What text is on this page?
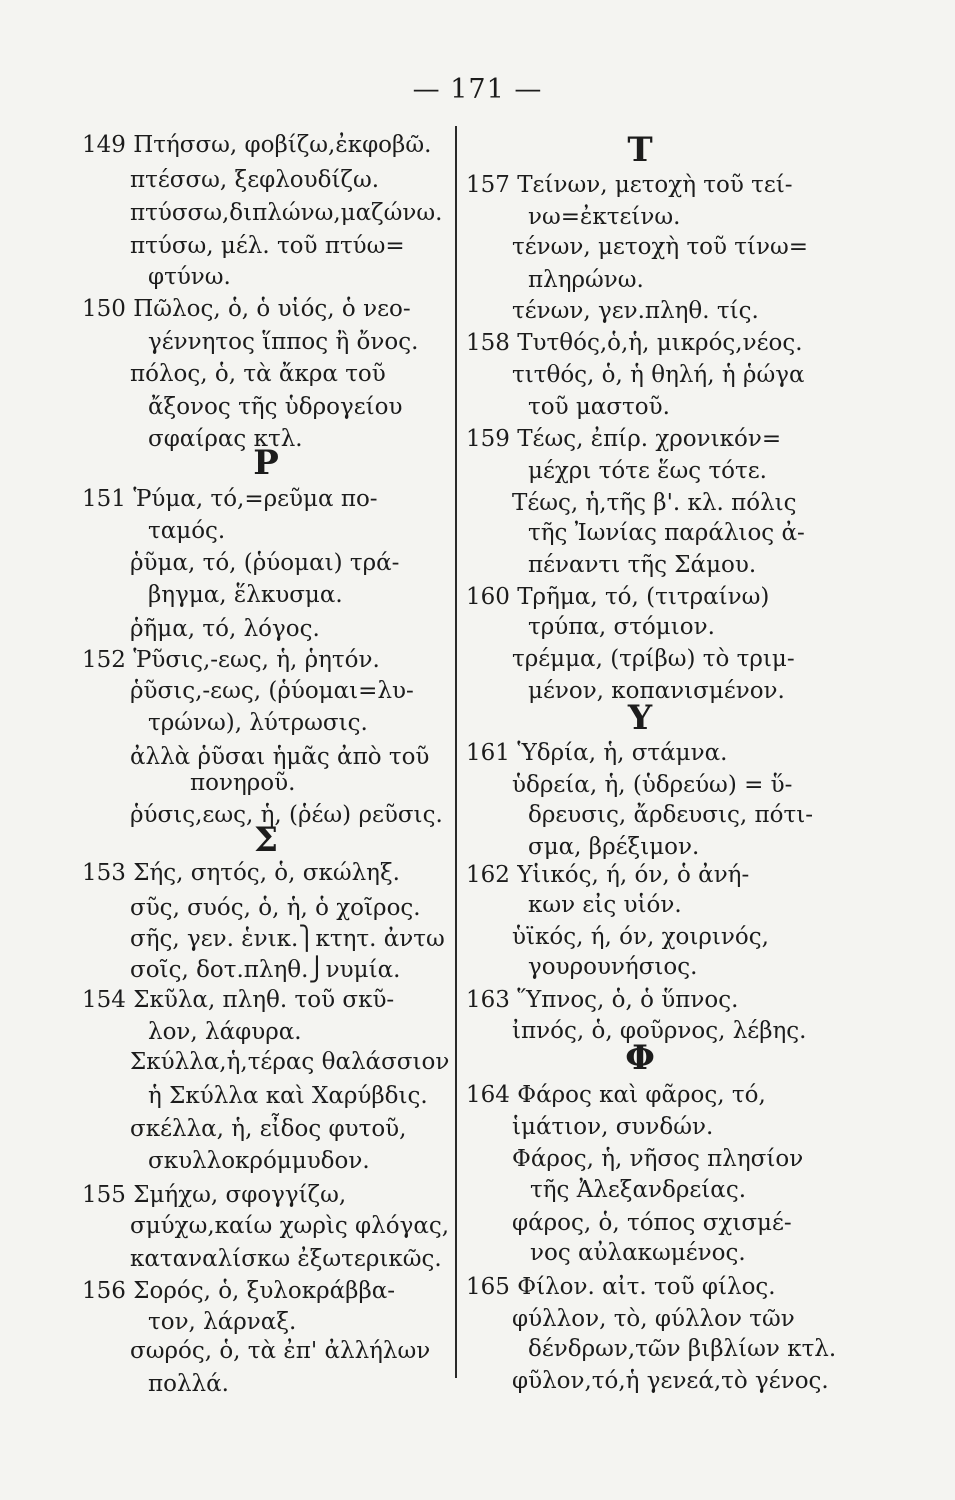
— 171 —
149 Πτήσσω, φοβίζω,ἐκφοβῶ.
πτέσσω, ξεφλουδίζω.
πτύσσω,διπλώνω,μαζώνω.
πτύσω, μέλ. τοῦ πτύω=
φτύνω.
150 Πῶλος, ὁ, ὁ υἱός, ὁ νεο-
γέννητος ἵππος ἢ ὄνος.
πόλος, ὁ, τὰ ἄκρα τοῦ
ἄξονος τῆς ὑδρογείου
σφαίρας κτλ.
151 Ῥύμα, τό,=ρεῦμα πο-
ταμός.
ῥῦμα, τό, (ῥύομαι) τρά-
βηγμα, ἕλκυσμα.
ῥῆμα, τό, λόγος.
152 Ῥῦσις,-εως, ἡ, ῥητόν.
ῥῦσις,-εως, (ῥύομαι=λυ-
τρώνω), λύτρωσις.
ἀλλὰ ῥῦσαι ἡμᾶς ἀπὸ τοῦ
πονηροῦ.
ῥύσις,εως, ἡ, (ῥέω) ρεῦσις.
153 Σής, σητός, ὁ, σκώληξ.
σῦς, συός, ὁ, ἡ, ὁ χοῖρος.
σῆς, γεν. ἑνικ.⎫κτητ. ἀντω
σοῖς, δοτ.πληθ.⎭νυμία.
154 Σκῦλα, πληθ. τοῦ σκῦ-
λον, λάφυρα.
Σκύλλα,ἡ,τέρας θαλάσσιον
ἡ Σκύλλα καὶ Χαρύβδις.
σκέλλα, ἡ, εἶδος φυτοῦ,
σκυλλοκρόμμυδον.
155 Σμήχω, σφογγίζω,
σμύχω,καίω χωρὶς φλόγας,
καταναλίσκω ἐξωτερικῶς.
156 Σορός, ὁ, ξυλοκράββα-
τον, λάρναξ.
σωρός, ὁ, τὰ ἐπ' ἀλλήλων
πολλά.
Ρ
Σ
157 Τείνων, μετοχὴ τοῦ τεί-
νω=ἐκτείνω.
τένων, μετοχὴ τοῦ τίνω=
πληρώνω.
τένων, γεν.πληθ. τίς.
158 Τυτθός,ὁ,ἡ, μικρός,νέος.
τιτθός, ὁ, ἡ θηλή, ἡ ῥώγα
τοῦ μαστοῦ.
159 Τέως, ἐπίρ. χρονικόν=
μέχρι τότε ἕως τότε.
Τέως, ἡ,τῆς β'. κλ. πόλις
τῆς Ἰωνίας παράλιος ἀ-
πέναντι τῆς Σάμου.
160 Τρῆμα, τό, (τιτραίνω)
τρύπα, στόμιον.
τρέμμα, (τρίβω) τὸ τριμ-
μένον, κοπανισμένον.
161 Ὑδρία, ἡ, στάμνα.
ὑδρεία, ἡ, (ὑδρεύω) = ὕ-
δρευσις, ἄρδευσις, πότι-
σμα, βρέξιμον.
162 Υἱικός, ή, όν, ὁ ἀνή-
κων εἰς υἱόν.
ὑϊκός, ή, όν, χοιρινός,
γουρουνήσιος.
163 Ὕπνος, ὁ, ὁ ὕπνος.
ἰπνός, ὁ, φοῦρνος, λέβης.
164 Φάρος καὶ φᾶρος, τό,
ἱμάτιον, συνδών.
Φάρος, ἡ, νῆσος πλησίον
τῆς Ἀλεξανδρείας.
φάρος, ὁ, τόπος σχισμέ-
νος αὐλακωμένος.
165 Φίλον. αἰτ. τοῦ φίλος.
φύλλον, τὸ, φύλλον τῶν
δένδρων,τῶν βιβλίων κτλ.
φῦλον,τό,ἡ γενεά,τὸ γένος.
Τ
Υ
Φ
